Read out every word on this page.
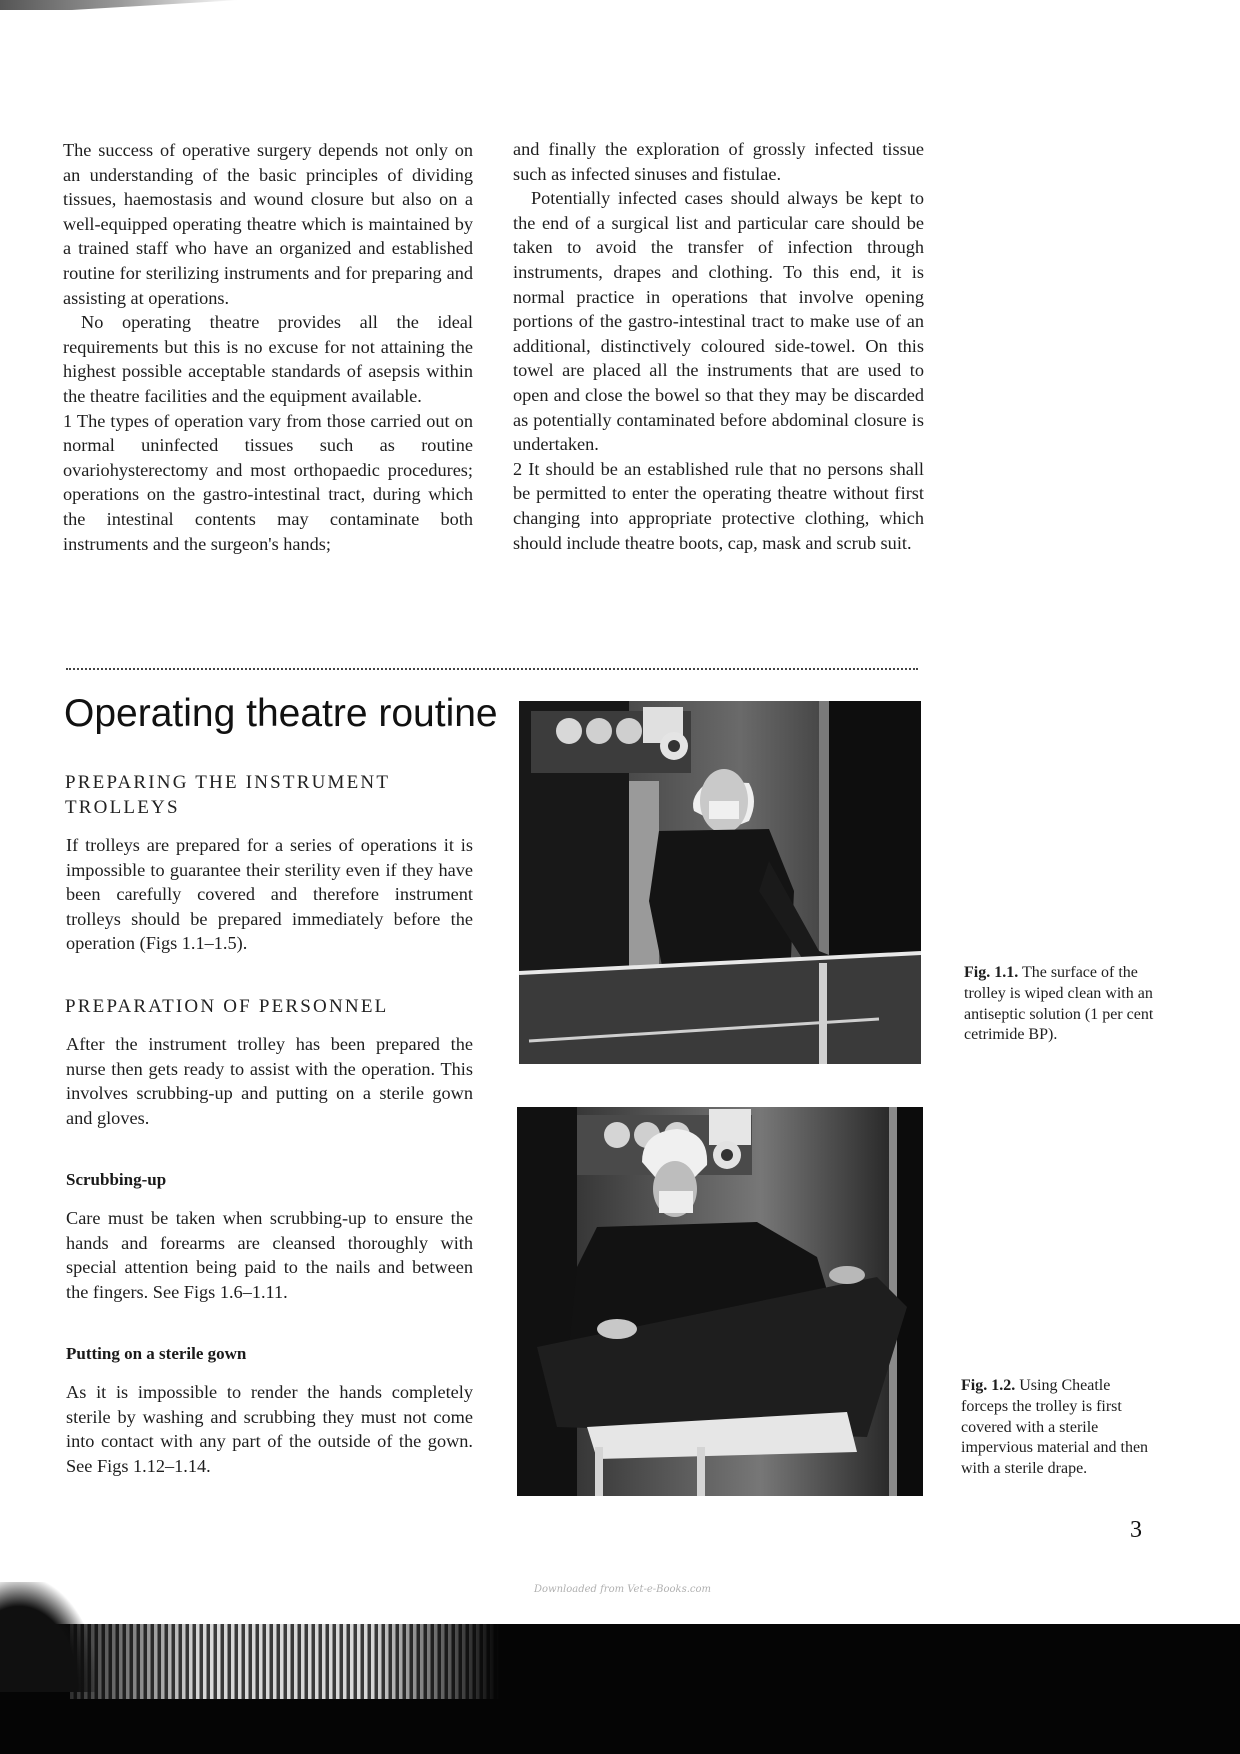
The success of operative surgery depends not only on an understanding of the basic principles of dividing tissues, haemostasis and wound closure but also on a well-equipped operating theatre which is maintained by a trained staff who have an organized and established routine for sterilizing instruments and for preparing and assisting at operations.

No operating theatre provides all the ideal requirements but this is no excuse for not attaining the highest possible acceptable standards of asepsis within the theatre facilities and the equipment available.

1 The types of operation vary from those carried out on normal uninfected tissues such as routine ovariohysterectomy and most orthopaedic procedures; operations on the gastro-intestinal tract, during which the intestinal contents may contaminate both instruments and the surgeon's hands;

and finally the exploration of grossly infected tissue such as infected sinuses and fistulae.

Potentially infected cases should always be kept to the end of a surgical list and particular care should be taken to avoid the transfer of infection through instruments, drapes and clothing. To this end, it is normal practice in operations that involve opening portions of the gastro-intestinal tract to make use of an additional, distinctively coloured side-towel. On this towel are placed all the instruments that are used to open and close the bowel so that they may be discarded as potentially contaminated before abdominal closure is undertaken.

2 It should be an established rule that no persons shall be permitted to enter the operating theatre without first changing into appropriate protective clothing, which should include theatre boots, cap, mask and scrub suit.

Operating theatre routine
PREPARING THE INSTRUMENT TROLLEYS

If trolleys are prepared for a series of operations it is impossible to guarantee their sterility even if they have been carefully covered and therefore instrument trolleys should be prepared immediately before the operation (Figs 1.1–1.5).

PREPARATION OF PERSONNEL

After the instrument trolley has been prepared the nurse then gets ready to assist with the operation. This involves scrubbing-up and putting on a sterile gown and gloves.

Scrubbing-up

Care must be taken when scrubbing-up to ensure the hands and forearms are cleansed thoroughly with special attention being paid to the nails and between the fingers. See Figs 1.6–1.11.

Putting on a sterile gown

As it is impossible to render the hands completely sterile by washing and scrubbing they must not come into contact with any part of the outside of the gown. See Figs 1.12–1.14.

Fig. 1.1. The surface of the trolley is wiped clean with an antiseptic solution (1 per cent cetrimide BP).

Fig. 1.2. Using Cheatle forceps the trolley is first covered with a sterile impervious material and then with a sterile drape.

3
Downloaded from Vet-e-Books.com
